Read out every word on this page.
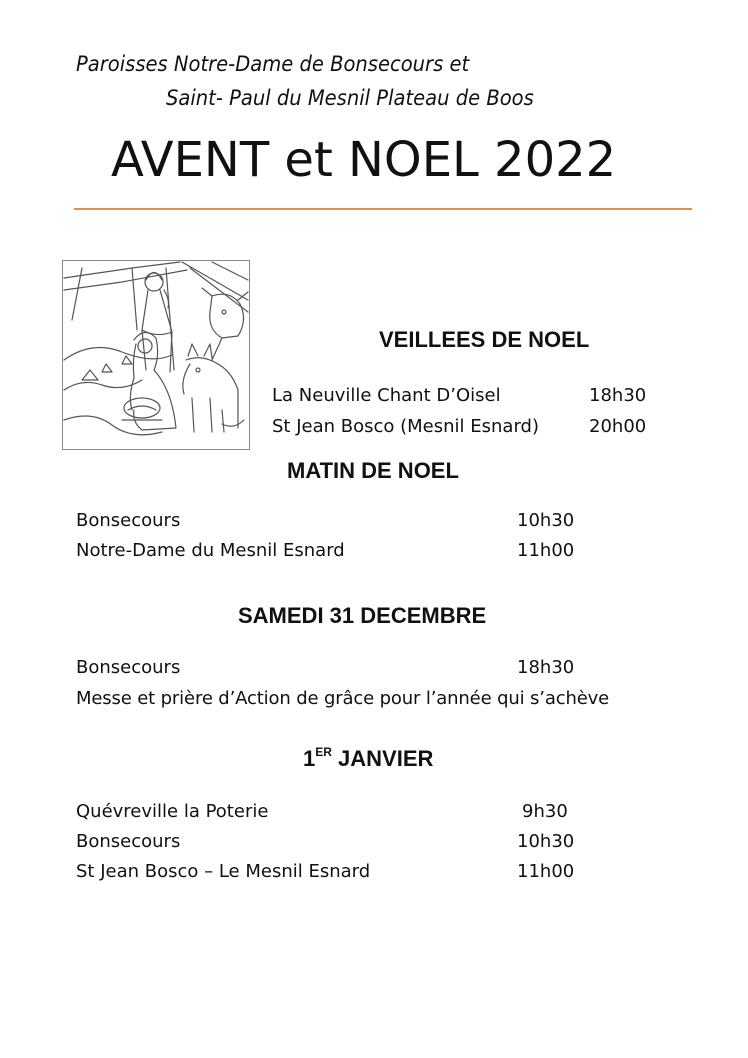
Paroisses Notre-Dame de Bonsecours et
Saint- Paul du Mesnil Plateau de Boos
AVENT et NOEL 2022
VEILLEES DE NOEL
La Neuville Chant D’Oisel	18h30
St Jean Bosco (Mesnil Esnard)	20h00
MATIN DE NOEL
Bonsecours	10h30
Notre-Dame du Mesnil Esnard	11h00
SAMEDI 31 DECEMBRE
Bonsecours	18h30
Messe et prière d’Action de grâce pour l’année qui s’achève
1ER JANVIER
Quévreville la Poterie	9h30
Bonsecours	10h30
St Jean Bosco – Le Mesnil Esnard	11h00
